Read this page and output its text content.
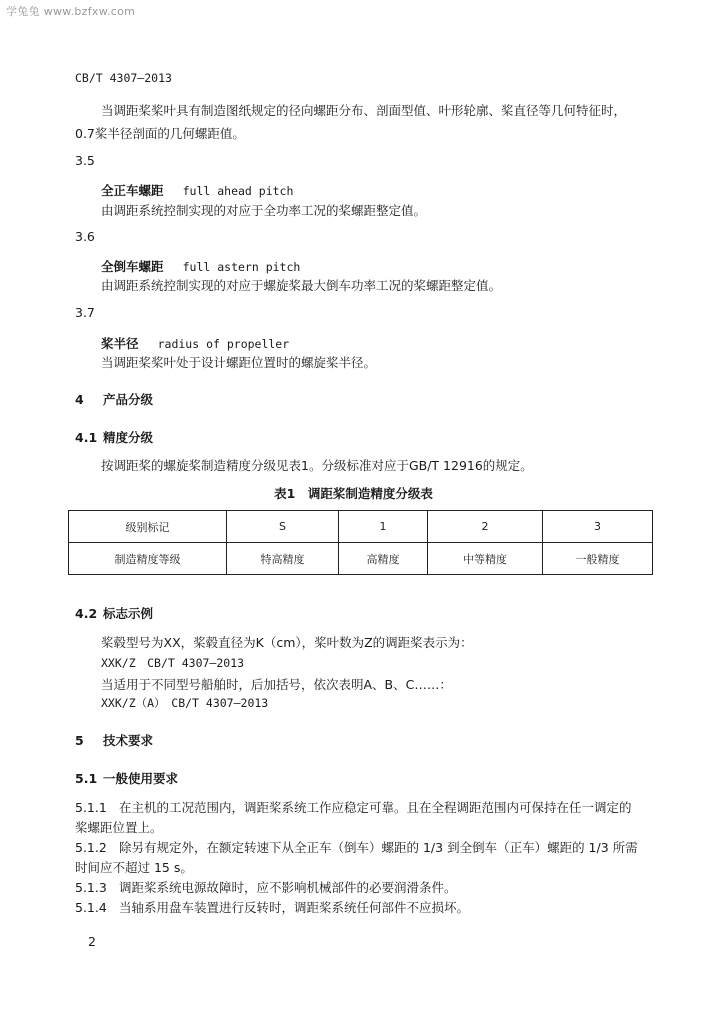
学兔兔 www.bzfxw.com
CB/T 4307—2013
当调距桨桨叶具有制造图纸规定的径向螺距分布、剖面型值、叶形轮廓、桨直径等几何特征时，
0.7桨半径剖面的几何螺距值。
3.5
全正车螺距 full ahead pitch
由调距系统控制实现的对应于全功率工况的桨螺距整定值。
3.6
全倒车螺距 full astern pitch
由调距系统控制实现的对应于螺旋桨最大倒车功率工况的桨螺距整定值。
3.7
桨半径 radius of propeller
当调距桨桨叶处于设计螺距位置时的螺旋桨半径。
4 产品分级
4.1 精度分级
按调距桨的螺旋桨制造精度分级见表1。分级标准对应于GB/T 12916的规定。
表1　调距桨制造精度分级表
级别标记	S	1	2	3
制造精度等级	特高精度	高精度	中等精度	一般精度
4.2 标志示例
桨毂型号为XX，桨毂直径为K（cm），桨叶数为Z的调距桨表示为：
XXK/Z　CB/T 4307—2013
当适用于不同型号船舶时，后加括号，依次表明A、B、C……：
XXK/Z（A）　CB/T 4307—2013
5 技术要求
5.1 一般使用要求
5.1.1 在主机的工况范围内，调距桨系统工作应稳定可靠。且在全程调距范围内可保持在任一调定的
桨螺距位置上。
5.1.2 除另有规定外，在额定转速下从全正车（倒车）螺距的 1/3 到全倒车（正车）螺距的 1/3 所需
时间应不超过 15 s。
5.1.3 调距桨系统电源故障时，应不影响机械部件的必要润滑条件。
5.1.4 当轴系用盘车装置进行反转时，调距桨系统任何部件不应损坏。
2
